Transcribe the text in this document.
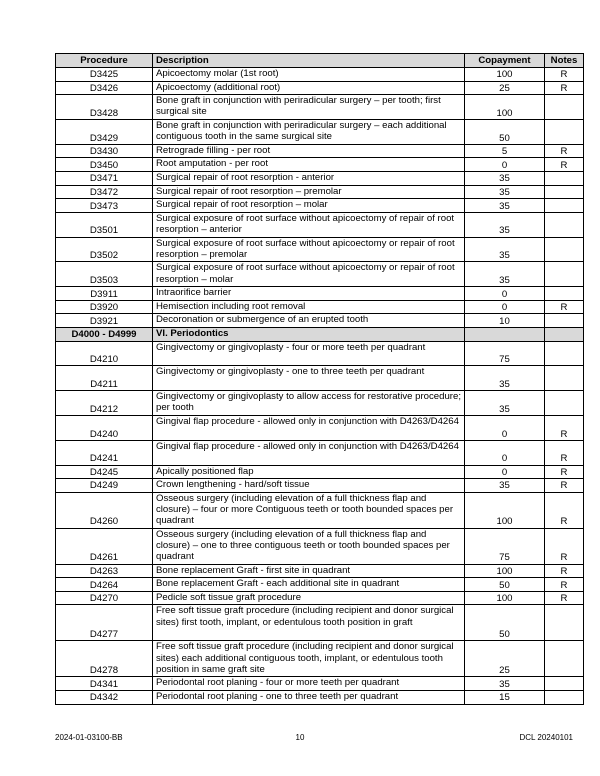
Procedure	Description	Copayment	Notes
D3425	Apicoectomy molar (1st root)	100	R
D3426	Apicoectomy (additional root)	25	R
D3428	Bone graft in conjunction with periradicular surgery – per tooth; first surgical site	100	
D3429	Bone graft in conjunction with periradicular surgery – each additional contiguous tooth in the same surgical site	50	
D3430	Retrograde filling - per root	5	R
D3450	Root amputation - per root	0	R
D3471	Surgical repair of root resorption - anterior	35	
D3472	Surgical repair of root resorption – premolar	35	
D3473	Surgical repair of root resorption – molar	35	
D3501	Surgical exposure of root surface without apicoectomy of repair of root resorption – anterior	35	
D3502	Surgical exposure of root surface without apicoectomy or repair of root resorption – premolar	35	
D3503	Surgical exposure of root surface without apicoectomy or repair of root resorption – molar	35	
D3911	Intraorifice barrier	0	
D3920	Hemisection including root removal	0	R
D3921	Decoronation or submergence of an erupted tooth	10	
D4000 - D4999	VI. Periodontics		
D4210	Gingivectomy or gingivoplasty - four or more teeth per quadrant	75	
D4211	Gingivectomy or gingivoplasty - one to three teeth per quadrant	35	
D4212	Gingivectomy or gingivoplasty to allow access for restorative procedure; per tooth	35	
D4240	Gingival flap procedure - allowed only in conjunction with D4263/D4264	0	R
D4241	Gingival flap procedure - allowed only in conjunction with D4263/D4264	0	R
D4245	Apically positioned flap	0	R
D4249	Crown lengthening - hard/soft tissue	35	R
D4260	Osseous surgery (including elevation of a full thickness flap and closure) – four or more Contiguous teeth or tooth bounded spaces per quadrant	100	R
D4261	Osseous surgery (including elevation of a full thickness flap and closure) – one to three contiguous teeth or tooth bounded spaces per quadrant	75	R
D4263	Bone replacement Graft - first site in quadrant	100	R
D4264	Bone replacement Graft - each additional site in quadrant	50	R
D4270	Pedicle soft tissue graft procedure	100	R
D4277	Free soft tissue graft procedure (including recipient and donor surgical sites) first tooth, implant, or edentulous tooth position in graft	50	
D4278	Free soft tissue graft procedure (including recipient and donor surgical sites) each additional contiguous tooth, implant, or edentulous tooth position in same graft site	25	
D4341	Periodontal root planing - four or more teeth per quadrant	35	
D4342	Periodontal root planing - one to three teeth per quadrant	15	
2024-01-03100-BB	10	DCL 20240101
